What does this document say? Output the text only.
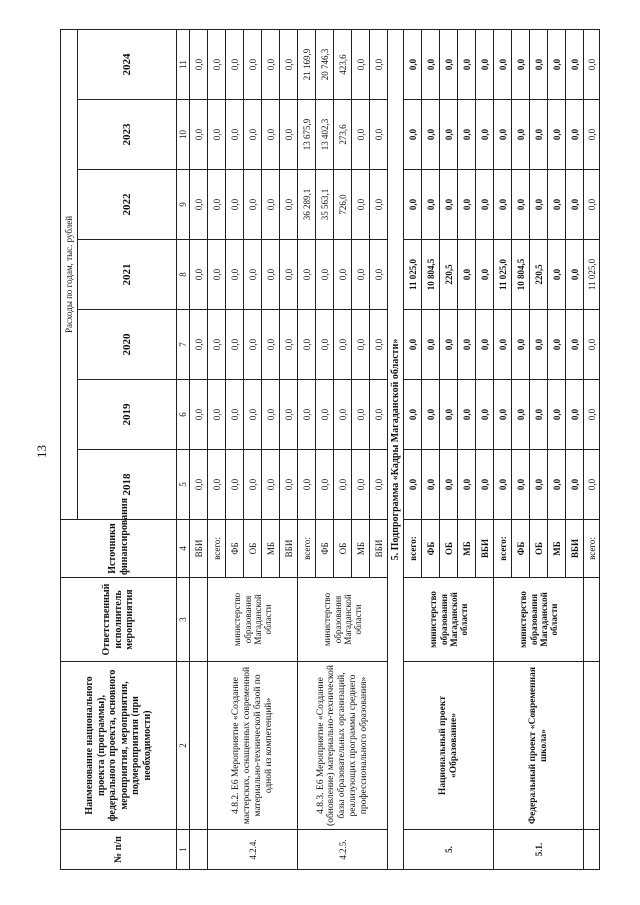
13
№ п/п	Наименование национального проекта (программы), федерального проекта, основного мероприятия, мероприятия, подмероприятия (при необходимости)	Ответственный исполнитель мероприятия	Источники финансирования	Расходы по годам, тыс. рублей						
				2018	2019	2020	2021	2022	2023	2024
1	2	3	4	5	6	7	8	9	10	11
			ВБИ	0,0	0,0	0,0	0,0	0,0	0,0	0,0
4.2.4.	4.8.2. Е6 Мероприятие «Создание мастерских, оснащенных современной материально-технической базой по одной из компетенций»	министерство образования Магаданской области	всего:	0,0	0,0	0,0	0,0	0,0	0,0	0,0
			ФБ	0,0	0,0	0,0	0,0	0,0	0,0	0,0
			ОБ	0,0	0,0	0,0	0,0	0,0	0,0	0,0
			МБ	0,0	0,0	0,0	0,0	0,0	0,0	0,0
			ВБИ	0,0	0,0	0,0	0,0	0,0	0,0	0,0
4.2.5.	4.8.3. Е6 Мероприятие «Создание (обновление) материально-технической базы образовательных организаций, реализующих программы среднего профессионального образования»	министерство образования Магаданской области	всего:	0,0	0,0	0,0	0,0	36 289,1	13 675,9	21 169,9
			ФБ	0,0	0,0	0,0	0,0	35 563,1	13 402,3	20 746,3
			ОБ	0,0	0,0	0,0	0,0	726,0	273,6	423,6
			МБ	0,0	0,0	0,0	0,0	0,0	0,0	0,0
			ВБИ	0,0	0,0	0,0	0,0	0,0	0,0	0,0
5. Подпрограмма «Кадры Магаданской области»										
5.	Национальный проект «Образование»	министерство образования Магаданской области	всего:	0,0	0,0	0,0	11 025,0	0,0	0,0	0,0
			ФБ	0,0	0,0	0,0	10 804,5	0,0	0,0	0,0
			ОБ	0,0	0,0	0,0	220,5	0,0	0,0	0,0
			МБ	0,0	0,0	0,0	0,0	0,0	0,0	0,0
			ВБИ	0,0	0,0	0,0	0,0	0,0	0,0	0,0
5.1.	Федеральный проект «Современная школа»	министерство образования Магаданской области	всего:	0,0	0,0	0,0	11 025,0	0,0	0,0	0,0
			ФБ	0,0	0,0	0,0	10 804,5	0,0	0,0	0,0
			ОБ	0,0	0,0	0,0	220,5	0,0	0,0	0,0
			МБ	0,0	0,0	0,0	0,0	0,0	0,0	0,0
			ВБИ	0,0	0,0	0,0	0,0	0,0	0,0	0,0
			всего:	0,0	0,0	0,0	11 025,0	0,0	0,0	0,0
